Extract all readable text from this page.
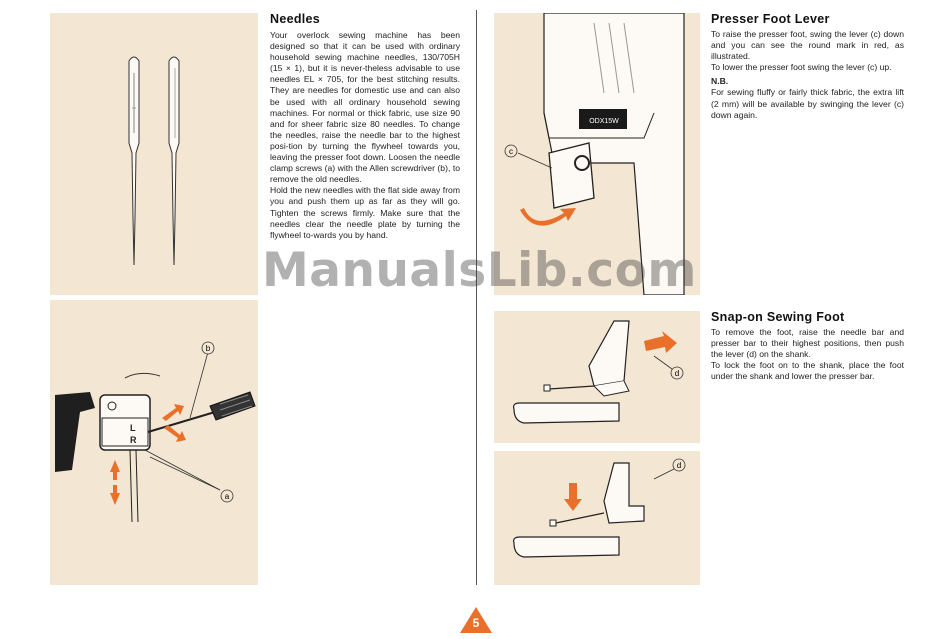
L
R
b
a
Needles

Your overlock sewing machine has been designed so that it can be used with ordinary household sewing machine needles, 130/705H (15 × 1), but it is never-theless advisable to use needles EL × 705, for the best stitching results. They are needles for domestic use and can also be used with all ordinary household sewing machines. For normal or thick fabric, use size 90 and for sheer fabric size 80 needles. To change the needles, raise the needle bar to the highest posi-tion by turning the flywheel towards you, leaving the presser foot down. Loosen the needle clamp screws (a) with the Allen screwdriver (b), to remove the old needles.

Hold the new needles with the flat side away from you and push them up as far as they will go. Tighten the screws firmly. Make sure that the needles clear the needle plate by turning the flywheel to-wards you by hand.

ODX15W
c
Presser Foot Lever

To raise the presser foot, swing the lever (c) down and you can see the round mark in red, as illustrated.

To lower the presser foot swing the lever (c) up.

N.B.

For sewing fluffy or fairly thick fabric, the extra lift (2 mm) will be available by swinging the lever (c) down again.

d
d
Snap-on Sewing Foot

To remove the foot, raise the needle bar and presser bar to their highest positions, then push the lever (d) on the shank.

To lock the foot on to the shank, place the foot under the shank and lower the presser bar.

ManualsLib.com
5
